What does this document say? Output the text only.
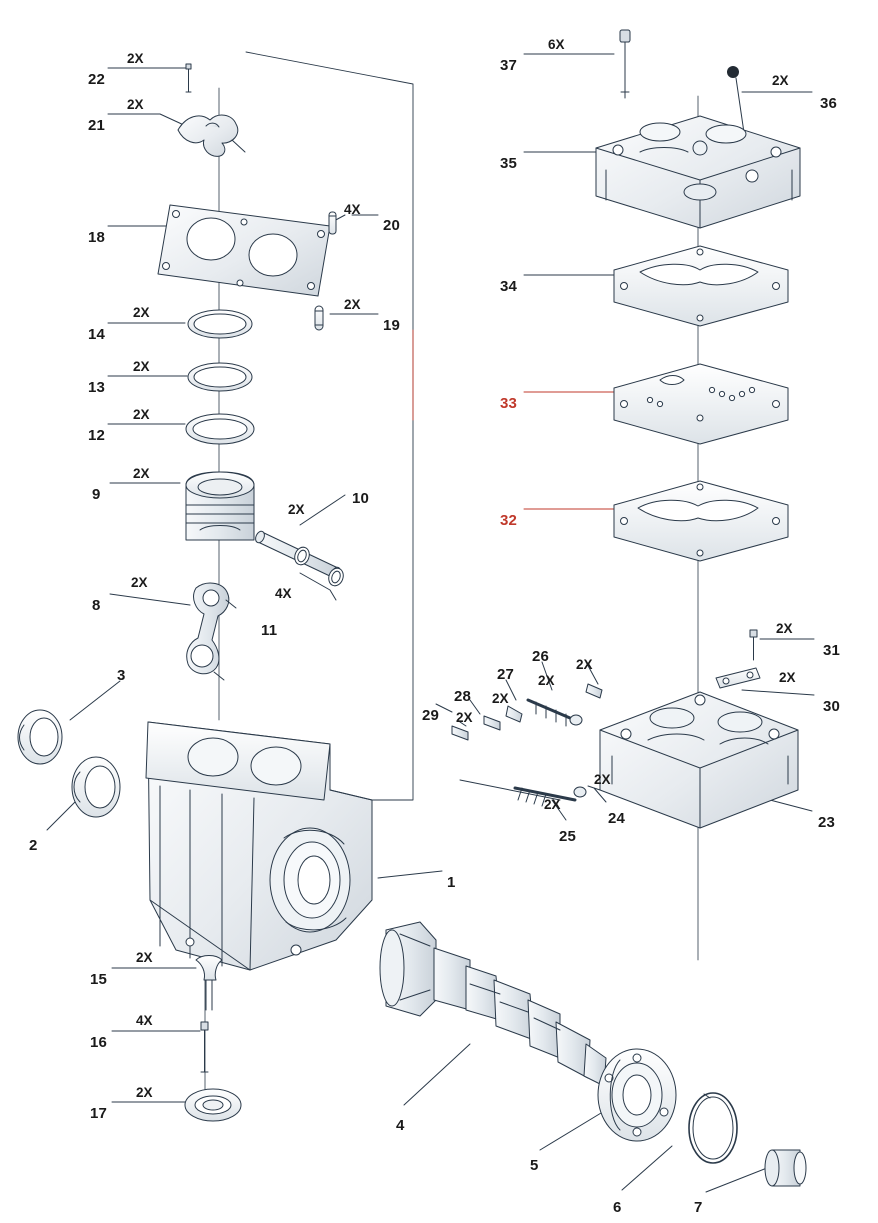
22
2X
21
2X
18
20
4X
19
2X
14
2X
13
2X
12
2X
9
2X
10
2X
11
4X
8
2X
3
2
1
15
2X
16
4X
17
2X
4
5
6	7
37
6X
36
2X
35
34
33
32
31
2X
30
2X
29
28
2X
27
2X
26
2X
2X
24
2X
25
2X
23
